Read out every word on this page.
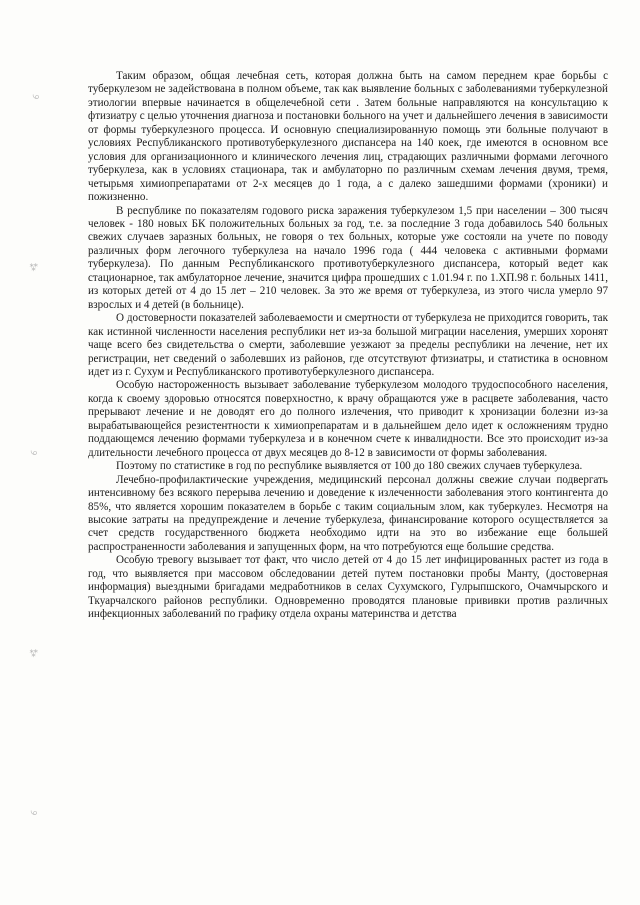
ꕃ
⁂
ꕃ
⁂
ꕃ

Таким образом, общая лечебная сеть, которая должна быть на самом переднем крае борьбы с туберкулезом не задействована в полном объеме, так как выявление больных с заболеваниями туберкулезной этиологии впервые начинается в общелечебной сети . Затем больные направляются на консультацию к фтизиатру с целью уточнения диагноза и постановки больного на учет и дальнейшего лечения в зависимости от формы туберкулезного процесса. И основную специализированную помощь эти больные получают в условиях Республиканского противотуберкулезного диспансера на 140 коек, где имеются в основном все условия для организационного и клинического лечения лиц, страдающих различными формами легочного туберкулеза, как в условиях стационара, так и амбулаторно по различным схемам лечения двумя, тремя, четырьмя химиопрепаратами от 2-х месяцев до 1 года, а с далеко зашедшими формами (хроники) и пожизненно.

В республике по показателям годового риска заражения туберкулезом 1,5 при населении – 300 тысяч человек - 180 новых БК положительных больных за год, т.е. за последние 3 года добавилось 540 больных свежих случаев заразных больных, не говоря о тех больных, которые уже состояли на учете по поводу различных форм легочного туберкулеза на начало 1996 года ( 444 человека с активными формами туберкулеза). По данным Республиканского противотуберкулезного диспансера, который ведет как стационарное, так амбулаторное лечение, значится цифра прошедших с 1.01.94 г. по 1.ХП.98 г. больных 1411, из которых детей от 4 до 15 лет – 210 человек. За это же время от туберкулеза, из этого числа умерло 97 взрослых и 4 детей (в больнице).

О достоверности показателей заболеваемости и смертности от туберкулеза не приходится говорить, так как истинной численности населения республики нет из-за большой миграции населения, умерших хоронят чаще всего без свидетельства о смерти, заболевшие уезжают за пределы республики на лечение, нет их регистрации, нет сведений о заболевших из районов, где отсутствуют фтизиатры, и статистика в основном идет из г. Сухум и Республиканского противотуберкулезного диспансера.

Особую настороженность вызывает заболевание туберкулезом молодого трудоспособного населения, когда к своему здоровью относятся поверхностно, к врачу обращаются уже в расцвете заболевания, часто прерывают лечение и не доводят его до полного излечения, что приводит к хронизации болезни из-за вырабатывающейся резистентности к химиопрепаратам и в дальнейшем дело идет к осложнениям трудно поддающемся лечению формами туберкулеза и в конечном счете к инвалидности. Все это происходит из-за длительности лечебного процесса от двух месяцев до 8-12 в зависимости от формы заболевания.

Поэтому по статистике в год по республике выявляется от 100 до 180 свежих случаев туберкулеза.

Лечебно-профилактические учреждения, медицинский персонал должны свежие случаи подвергать интенсивному без всякого перерыва лечению и доведение к излеченности заболевания этого контингента до 85%, что является хорошим показателем в борьбе с таким социальным злом, как туберкулез. Несмотря на высокие затраты на предупреждение и лечение туберкулеза, финансирование которого осуществляется за счет средств государственного бюджета необходимо идти на это во избежание еще большей распространенности заболевания и запущенных форм, на что потребуются еще большие средства.

Особую тревогу вызывает тот факт, что число детей от 4 до 15 лет инфицированных растет из года в год, что выявляется при массовом обследовании детей путем постановки пробы Манту, (достоверная информация) выездными бригадами медработников в селах Сухумского, Гулрыпшского, Очамчырского и Ткуарчалского районов республики. Одновременно проводятся плановые прививки против различных инфекционных заболеваний по графику отдела охраны материнства и детства
